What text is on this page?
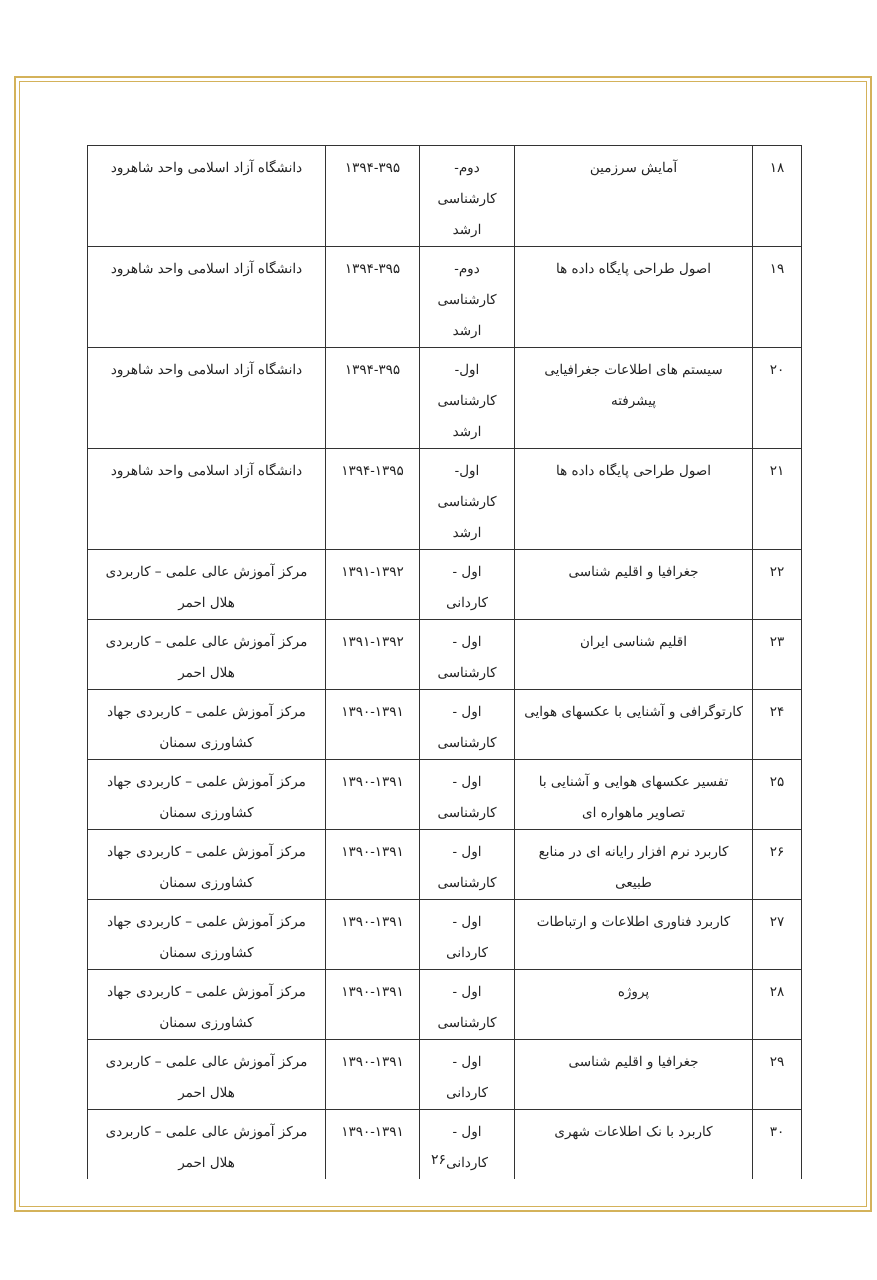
۱۸	آمایش سرزمین	دوم-
کارشناسی
ارشد	۱۳۹۴-۳۹۵	دانشگاه آزاد اسلامی واحد شاهرود

۱۹	اصول طراحی پایگاه داده ها	دوم-
کارشناسی
ارشد	۱۳۹۴-۳۹۵	دانشگاه آزاد اسلامی واحد شاهرود

۲۰	سیستم های اطلاعات جغرافیایی
پیشرفته	اول-
کارشناسی
ارشد	۱۳۹۴-۳۹۵	دانشگاه آزاد اسلامی واحد شاهرود

۲۱	اصول طراحی پایگاه داده ها	اول-
کارشناسی
ارشد	۱۳۹۴-۱۳۹۵	دانشگاه آزاد اسلامی واحد شاهرود

۲۲	جغرافیا و اقلیم شناسی	اول -
کاردانی	۱۳۹۱-۱۳۹۲	مرکز آموزش عالی علمی – کاربردی
هلال احمر

۲۳	اقلیم شناسی ایران	اول -
کارشناسی	۱۳۹۱-۱۳۹۲	مرکز آموزش عالی علمی – کاربردی
هلال احمر

۲۴	کارتوگرافی و آشنایی با عکسهای هوایی	اول -
کارشناسی	۱۳۹۰-۱۳۹۱	مرکز آموزش علمی – کاربردی جهاد
کشاورزی سمنان

۲۵	تفسیر عکسهای هوایی و آشنایی با
تصاویر ماهواره ای	اول -
کارشناسی	۱۳۹۰-۱۳۹۱	مرکز آموزش علمی – کاربردی جهاد
کشاورزی سمنان

۲۶	کاربرد نرم افزار رایانه ای در منابع
طبیعی	اول -
کارشناسی	۱۳۹۰-۱۳۹۱	مرکز آموزش علمی – کاربردی جهاد
کشاورزی سمنان

۲۷	کاربرد فناوری اطلاعات و ارتباطات	اول -
کاردانی	۱۳۹۰-۱۳۹۱	مرکز آموزش علمی – کاربردی جهاد
کشاورزی سمنان

۲۸	پروژه	اول -
کارشناسی	۱۳۹۰-۱۳۹۱	مرکز آموزش علمی – کاربردی جهاد
کشاورزی سمنان

۲۹	جغرافیا و اقلیم شناسی	اول -
کاردانی	۱۳۹۰-۱۳۹۱	مرکز آموزش عالی علمی – کاربردی
هلال احمر

۳۰	کاربرد با نک اطلاعات شهری	اول -
کاردانی	۱۳۹۰-۱۳۹۱	مرکز آموزش عالی علمی – کاربردی
هلال احمر	۲۶
